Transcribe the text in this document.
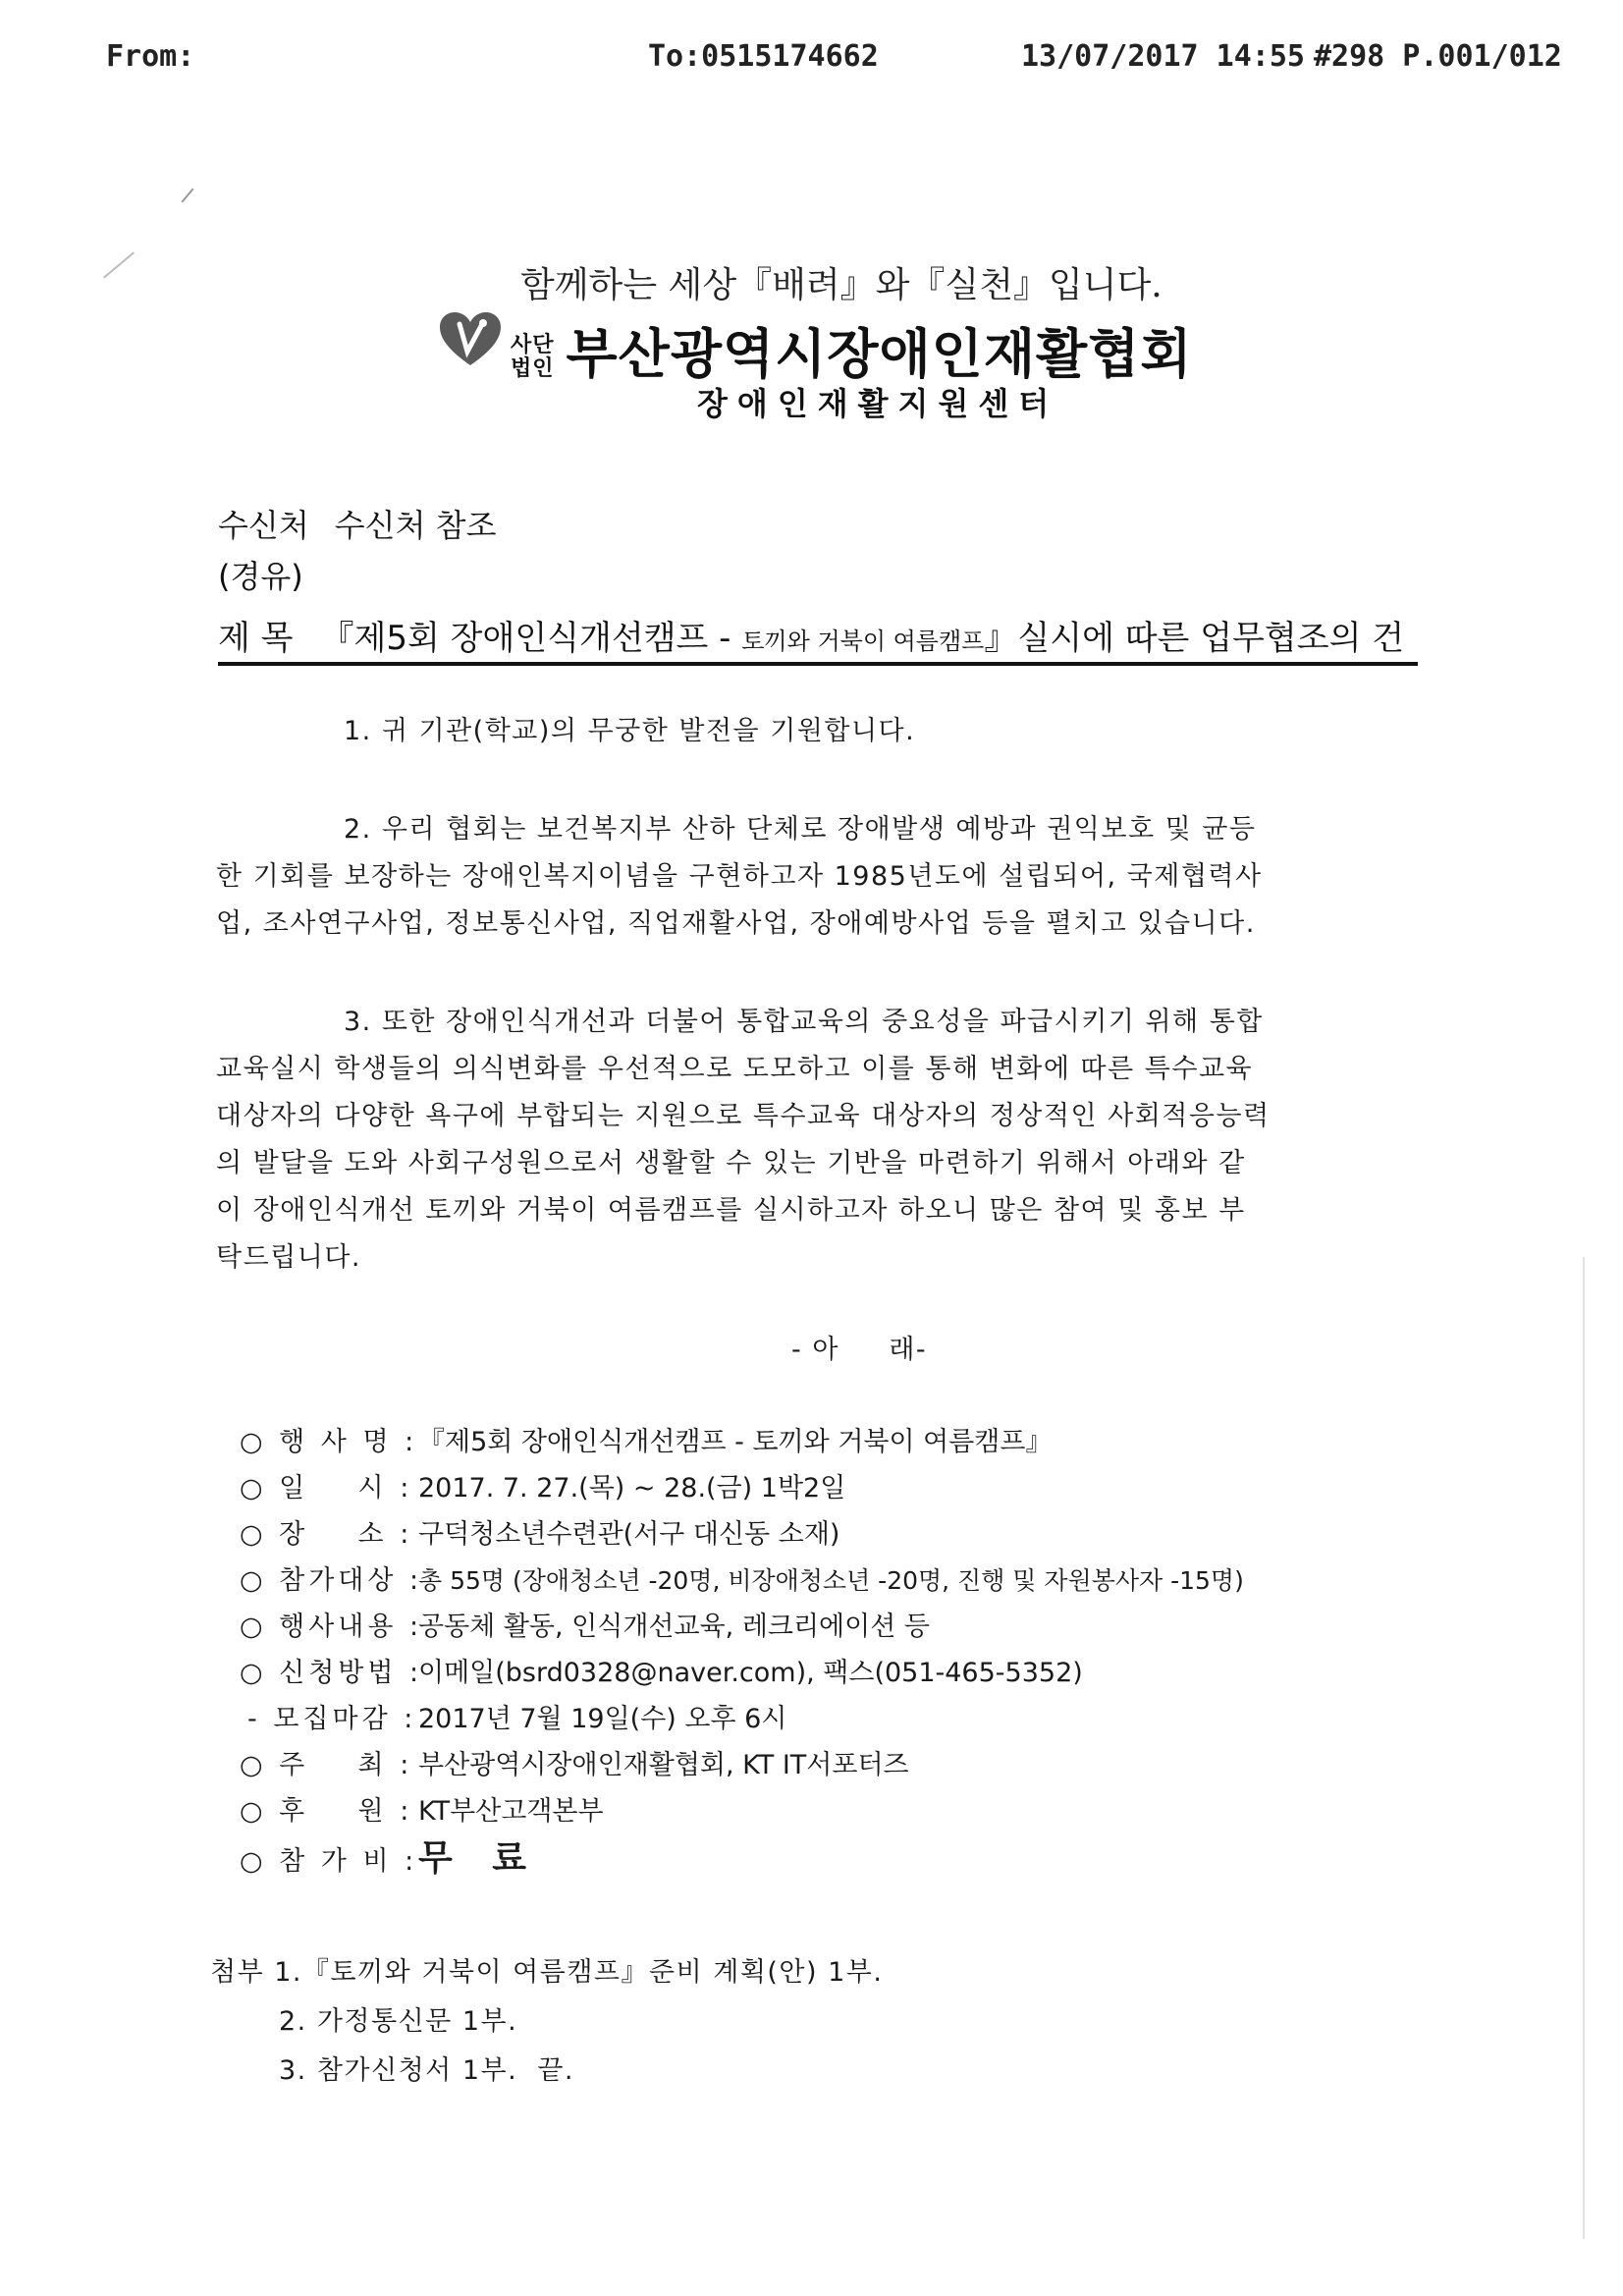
From:	To:0515174662	13/07/2017 14:55 #298 P.001/012
함께하는 세상『배려』와『실천』입니다.
사단
법인 부산광역시장애인재활협회
장애인재활지원센터
수신처 수신처 참조
(경유)
제 목 『제5회 장애인식개선캠프 - 토끼와 거북이 여름캠프』실시에 따른 업무협조의 건
1. 귀 기관(학교)의 무궁한 발전을 기원합니다.
2. 우리 협회는 보건복지부 산하 단체로 장애발생 예방과 권익보호 및 균등
한 기회를 보장하는 장애인복지이념을 구현하고자 1985년도에 설립되어, 국제협력사
업, 조사연구사업, 정보통신사업, 직업재활사업, 장애예방사업 등을 펼치고 있습니다.
3. 또한 장애인식개선과 더불어 통합교육의 중요성을 파급시키기 위해 통합
교육실시 학생들의 의식변화를 우선적으로 도모하고 이를 통해 변화에 따른 특수교육
대상자의 다양한 욕구에 부합되는 지원으로 특수교육 대상자의 정상적인 사회적응능력
의 발달을 도와 사회구성원으로서 생활할 수 있는 기반을 마련하기 위해서 아래와 같
이 장애인식개선 토끼와 거북이 여름캠프를 실시하고자 하오니 많은 참여 및 홍보 부
탁드립니다.
- 아     래-
○ 행 사 명 :『제5회 장애인식개선캠프 - 토끼와 거북이 여름캠프』
○ 일    시 : 2017. 7. 27.(목) ~ 28.(금) 1박2일
○ 장    소 : 구덕청소년수련관(서구 대신동 소재)
○ 참가대상 :총 55명 (장애청소년 -20명, 비장애청소년 -20명, 진행 및 자원봉사자 -15명)
○ 행사내용 :공동체 활동, 인식개선교육, 레크리에이션 등
○ 신청방법 :이메일(bsrd0328@naver.com), 팩스(051-465-5352)
- 모집마감 :2017년 7월 19일(수) 오후 6시
○ 주    최 : 부산광역시장애인재활협회, KT IT서포터즈
○ 후    원 : KT부산고객본부
○ 참 가 비 :무 료
첨부 1.『토끼와 거북이 여름캠프』준비 계획(안) 1부.
2. 가정통신문 1부.
3. 참가신청서 1부.  끝.
